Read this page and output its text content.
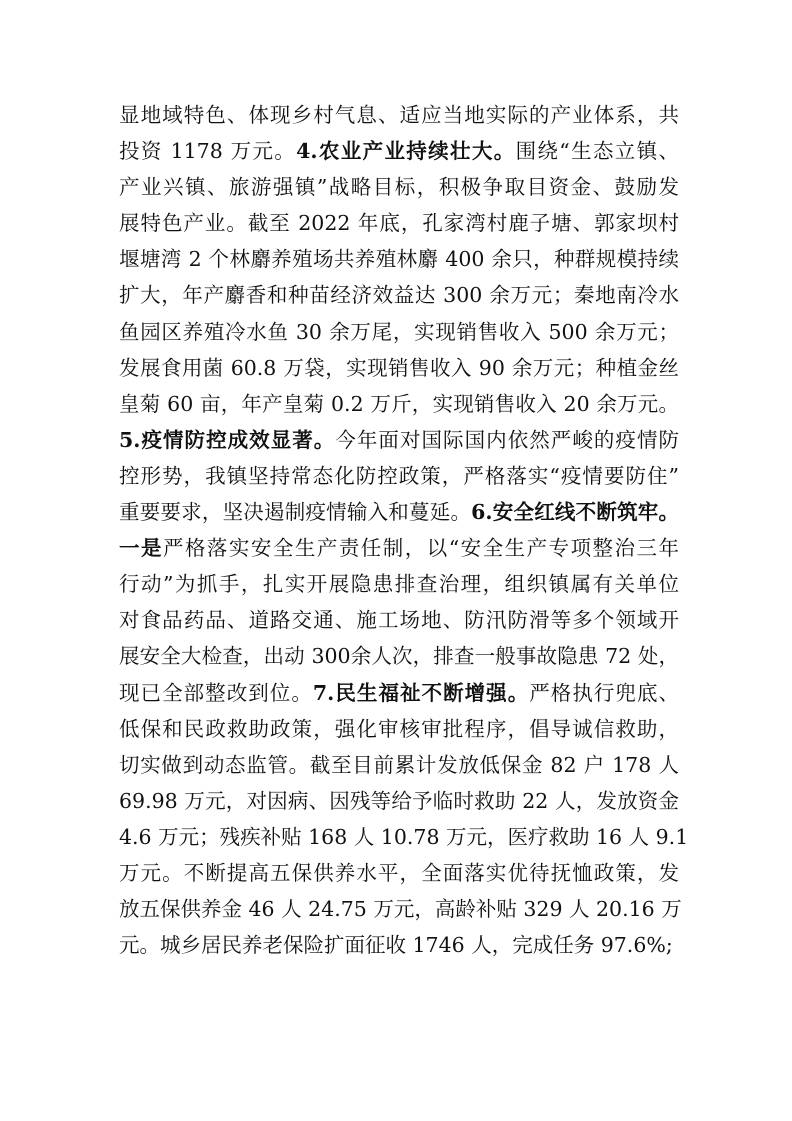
显地域特色、体现乡村气息、适应当地实际的产业体系，共
投资 1178 万元。4.农业产业持续壮大。围绕“生态立镇、
产业兴镇、旅游强镇”战略目标，积极争取目资金、鼓励发
展特色产业。截至 2022 年底，孔家湾村鹿子塘、郭家坝村
堰塘湾 2 个林麝养殖场共养殖林麝 400 余只，种群规模持续
扩大，年产麝香和种苗经济效益达 300 余万元；秦地南冷水
鱼园区养殖冷水鱼 30 余万尾，实现销售收入 500 余万元；
发展食用菌 60.8 万袋，实现销售收入 90 余万元；种植金丝
皇菊 60 亩，年产皇菊 0.2 万斤，实现销售收入 20 余万元。
5.疫情防控成效显著。今年面对国际国内依然严峻的疫情防
控形势，我镇坚持常态化防控政策，严格落实“疫情要防住”
重要要求，坚决遏制疫情输入和蔓延。6.安全红线不断筑牢。
一是严格落实安全生产责任制，以“安全生产专项整治三年
行动”为抓手，扎实开展隐患排查治理，组织镇属有关单位
对食品药品、道路交通、施工场地、防汛防滑等多个领域开
展安全大检查，出动 300余人次，排查一般事故隐患 72 处，
现已全部整改到位。7.民生福祉不断增强。严格执行兜底、
低保和民政救助政策，强化审核审批程序，倡导诚信救助，
切实做到动态监管。截至目前累计发放低保金 82 户 178 人
69.98 万元，对因病、因残等给予临时救助 22 人，发放资金
4.6 万元；残疾补贴 168 人 10.78 万元，医疗救助 16 人 9.1
万元。不断提高五保供养水平，全面落实优待抚恤政策，发
放五保供养金 46 人 24.75 万元，高龄补贴 329 人 20.16 万
元。城乡居民养老保险扩面征收 1746 人，完成任务 97.6%;
